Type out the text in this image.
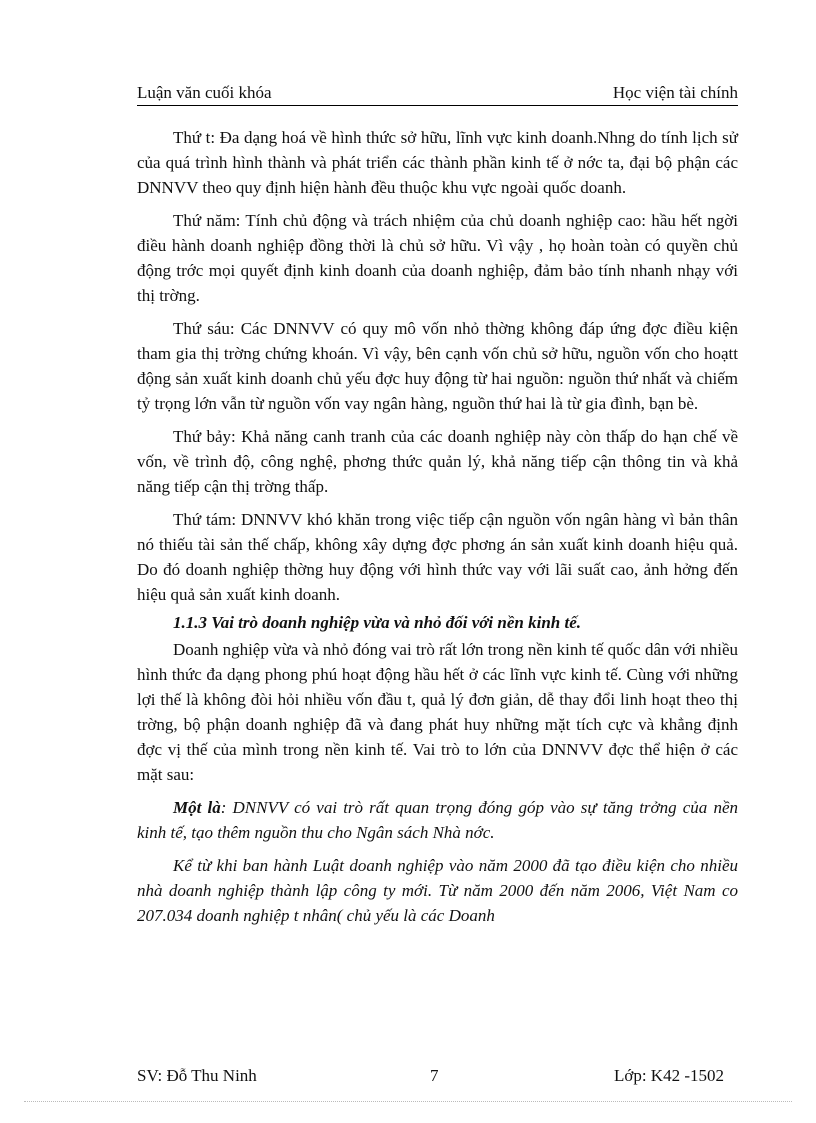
Luận văn cuối khóa	Học viện tài chính

Thứ t: Đa dạng hoá về hình thức sở hữu, lĩnh vực kinh doanh.Nhng do tính lịch sử của quá trình hình thành và phát triển các thành phần kinh tế ở nớc ta, đại bộ phận các DNNVV theo quy định hiện hành đều thuộc khu vực ngoài quốc doanh.

Thứ năm: Tính chủ động và trách nhiệm của chủ doanh nghiệp cao: hầu hết ngời điều hành doanh nghiệp đồng thời là chủ sở hữu. Vì vậy , họ hoàn toàn có quyền chủ động trớc mọi quyết định kinh doanh của doanh nghiệp, đảm bảo tính nhanh nhạy với thị trờng.

Thứ sáu: Các DNNVV có quy mô vốn nhỏ thờng không đáp ứng đợc điều kiện tham gia thị trờng chứng khoán. Vì vậy, bên cạnh vốn chủ sở hữu, nguồn vốn cho hoạtt động sản xuất kinh doanh chủ yếu đợc huy động từ hai nguồn: nguồn thứ nhất và chiếm tỷ trọng lớn vẫn từ nguồn vốn vay ngân hàng, nguồn thứ hai là từ gia đình, bạn bè.

Thứ bảy: Khả năng canh tranh của các doanh nghiệp này còn thấp do hạn chế về vốn, về trình độ, công nghệ, phơng thức quản lý, khả năng tiếp cận thông tin và khả năng tiếp cận thị trờng thấp.

Thứ tám: DNNVV khó khăn trong việc tiếp cận nguồn vốn ngân hàng vì bản thân nó thiếu tài sản thế chấp, không xây dựng đợc phơng án sản xuất kinh doanh hiệu quả. Do đó doanh nghiệp thờng huy động với hình thức vay với lãi suất cao, ảnh hởng đến hiệu quả sản xuất kinh doanh.

1.1.3 Vai trò doanh nghiệp vừa và nhỏ đối với nền kinh tế.

Doanh nghiệp vừa và nhỏ đóng vai trò rất lớn trong nền kinh tế quốc dân với nhiều hình thức đa dạng phong phú hoạt động hầu hết ở các lĩnh vực kinh tế. Cùng với những lợi thế là không đòi hỏi nhiều vốn đầu t, quả lý đơn giản, dễ thay đổi linh hoạt theo thị trờng, bộ phận doanh nghiệp đã và đang phát huy những mặt tích cực và khẳng định đợc vị thế của mình trong nền kinh tế. Vai trò to lớn của DNNVV đợc thể hiện ở các mặt sau:

Một là: DNNVV có vai trò rất quan trọng đóng góp vào sự tăng trởng của nền kinh tế, tạo thêm nguồn thu cho Ngân sách Nhà nớc.

Kể từ khi ban hành Luật doanh nghiệp vào năm 2000 đã tạo điều kiện cho nhiều nhà doanh nghiệp thành lập công ty mới. Từ năm 2000 đến năm 2006, Việt Nam co 207.034 doanh nghiệp t nhân( chủ yếu là các Doanh

SV: Đỗ Thu Ninh	7	Lớp: K42 -1502
